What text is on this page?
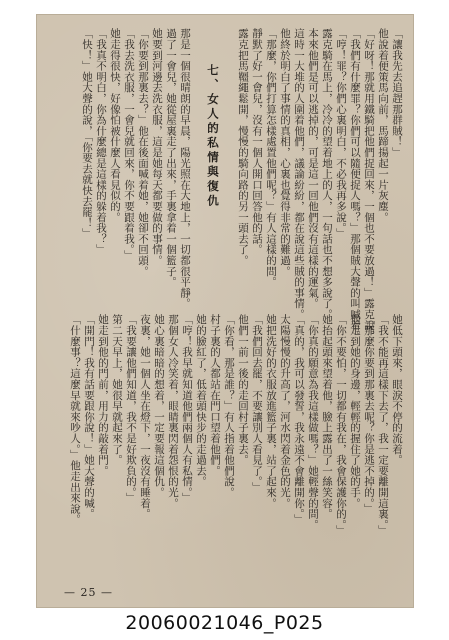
「讓我先去追趕那群賊！」
他說着便策馬向前，馬蹄揚起一片灰塵。
「好呀！那就用鐵騎把他們捉回來，一個也不要放過！」露克說。
「我們有什麼罪？你們可以隨便捉人嗎？」那個賊大聲的叫喊着。
「哼！罪？你們心裏明白，不必我再多說。」
露克騎在馬上，冷冷的望着地上的人，一句話也不想多說了。
本來他們是可以逃掉的，可是這一回他們沒有這樣的運氣。
這時一大堆的人圍着他們，議論紛紛，都在說這些賊的事情。
他終於明白了事情的真相，心裏也覺得非常的難過。
「那麼，你們打算怎樣處置他們呢？」有人這樣的問。
靜默了好一會兒，沒有一個人開口回答他的話。
露克把馬韁繩鬆開，慢慢的騎向路的另一頭去了。
七、女人的私情與復仇
那是一個很晴朗的早晨，陽光照在大地上，一切都很平靜。
過了一會兒，她從屋裏走了出來，手裏拿着一個籃子。
她要到河邊去洗衣服，這是她每天都要做的事情。
「你要到那裏去？」他在後面喊着她，她卻不回頭。
「我去洗衣服，一會兒就回來，你不要跟着我。」
她走得很快，好像怕被什麼人看見似的。
「我真不明白，你為什麼總是這樣的躲着我？」
「快！」她大聲的說，「你要去就快去罷！」
她低下頭來，眼淚不停的流着。
「我不能再這樣下去了，我一定要離開這裏。」
「那麼你要到那裏去呢？你是逃不掉的。」
他走到她的身邊，輕輕的握住了她的手。
「你不要怕，一切都有我在，我會保護你的。」
她抬起頭來望着他，臉上露出了一絲笑容。
「你真的願意為我這樣做嗎？」她輕聲的問。
「真的，我可以發誓，我永遠不會離開你。」
太陽慢慢的升高了，河水閃着金色的光。
她把洗好的衣服放進籃子裏，站了起來。
「我們回去罷，不要讓別人看見了。」
他們一前一後的走回村子裏去。
「你看，那是誰？」有人指着他們說。
村子裏的人都站在門口望着他們。
她的臉紅了，低着頭快步的走過去。
「哼！我早就知道他們兩個人有私情。」
那個女人冷笑着，眼睛裏閃着怨恨的光。
她心裏暗暗的想着，一定要報這個仇。
夜裏，她一個人坐在燈下，一夜沒有睡着。
「我要讓他們知道，我不是好欺負的。」
第二天早上，她很早就起來了。
她走到他的門前，用力的敲着門。
「開門！我有話要跟你說！」她大聲的喊。
「什麼事？這麼早就來吵人。」他走出來說。
— 25 —
20060021046_P025
